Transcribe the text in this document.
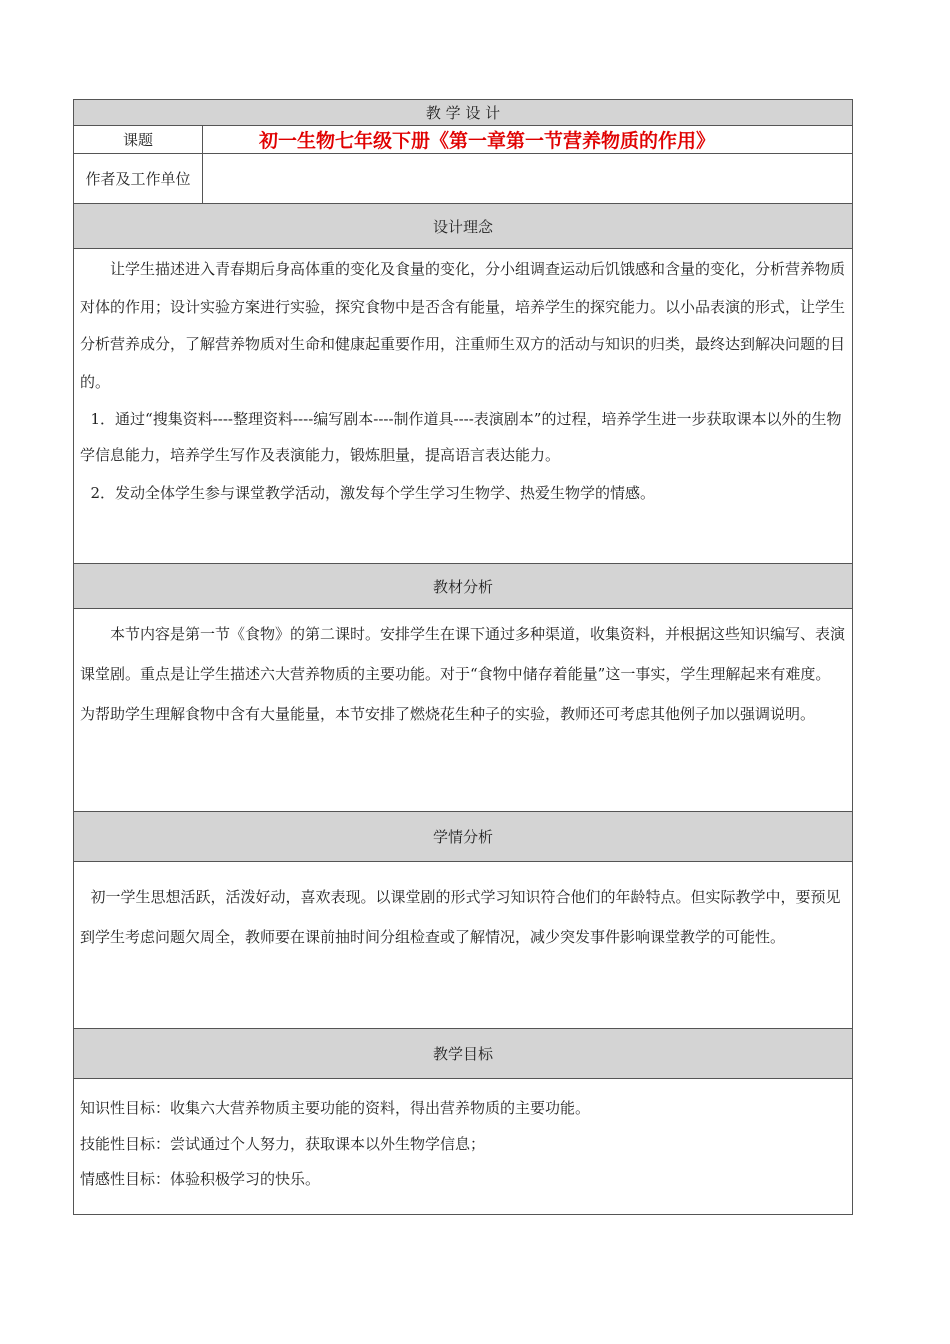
教 学 设 计	
课题	初一生物七年级下册《第一章第一节营养物质的作用》
作者及工作单位	
设计理念	

让学生描述进入青春期后身高体重的变化及食量的变化，分小组调查运动后饥饿感和含量的变化，分析营养物质对体的作用；设计实验方案进行实验，探究食物中是否含有能量，培养学生的探究能力。以小品表演的形式，让学生分析营养成分，了解营养物质对生命和健康起重要作用，注重师生双方的活动与知识的归类，最终达到解决问题的目的。

1．通过“搜集资料----整理资料----编写剧本----制作道具----表演剧本”的过程，培养学生进一步获取课本以外的生物学信息能力，培养学生写作及表演能力，锻炼胆量，提高语言表达能力。

2．发动全体学生参与课堂教学活动，激发每个学生学习生物学、热爱生物学的情感。	

教材分析	

本节内容是第一节《食物》的第二课时。安排学生在课下通过多种渠道，收集资料，并根据这些知识编写、表演课堂剧。重点是让学生描述六大营养物质的主要功能。对于“食物中储存着能量”这一事实，学生理解起来有难度。 为帮助学生理解食物中含有大量能量，本节安排了燃烧花生种子的实验，教师还可考虑其他例子加以强调说明。	

学情分析	

初一学生思想活跃，活泼好动，喜欢表现。以课堂剧的形式学习知识符合他们的年龄特点。但实际教学中，要预见到学生考虑问题欠周全，教师要在课前抽时间分组检查或了解情况，减少突发事件影响课堂教学的可能性。	

教学目标	

知识性目标：收集六大营养物质主要功能的资料，得出营养物质的主要功能。

技能性目标：尝试通过个人努力，获取课本以外生物学信息；

情感性目标：体验积极学习的快乐。	
